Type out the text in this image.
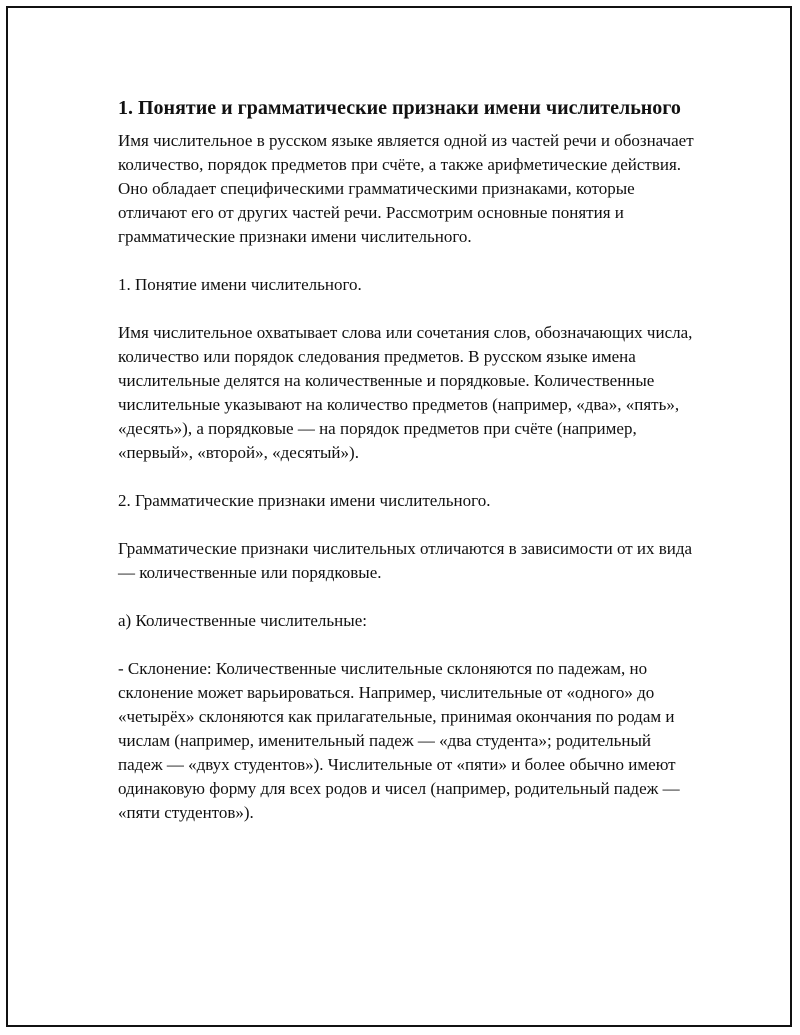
1. Понятие и грамматические признаки имени числительного

Имя числительное в русском языке является одной из частей речи и обозначает количество, порядок предметов при счёте, а также арифметические действия. Оно обладает специфическими грамматическими признаками, которые отличают его от других частей речи. Рассмотрим основные понятия и грамматические признаки имени числительного.

1. Понятие имени числительного.

Имя числительное охватывает слова или сочетания слов, обозначающих числа, количество или порядок следования предметов. В русском языке имена числительные делятся на количественные и порядковые. Количественные числительные указывают на количество предметов (например, «два», «пять», «десять»), а порядковые — на порядок предметов при счёте (например, «первый», «второй», «десятый»).

2. Грамматические признаки имени числительного.

Грамматические признаки числительных отличаются в зависимости от их вида — количественные или порядковые.

а) Количественные числительные:

- Склонение: Количественные числительные склоняются по падежам, но склонение может варьироваться. Например, числительные от «одного» до «четырёх» склоняются как прилагательные, принимая окончания по родам и числам (например, именительный падеж — «два студента»; родительный падеж — «двух студентов»). Числительные от «пяти» и более обычно имеют одинаковую форму для всех родов и чисел (например, родительный падеж — «пяти студентов»).
